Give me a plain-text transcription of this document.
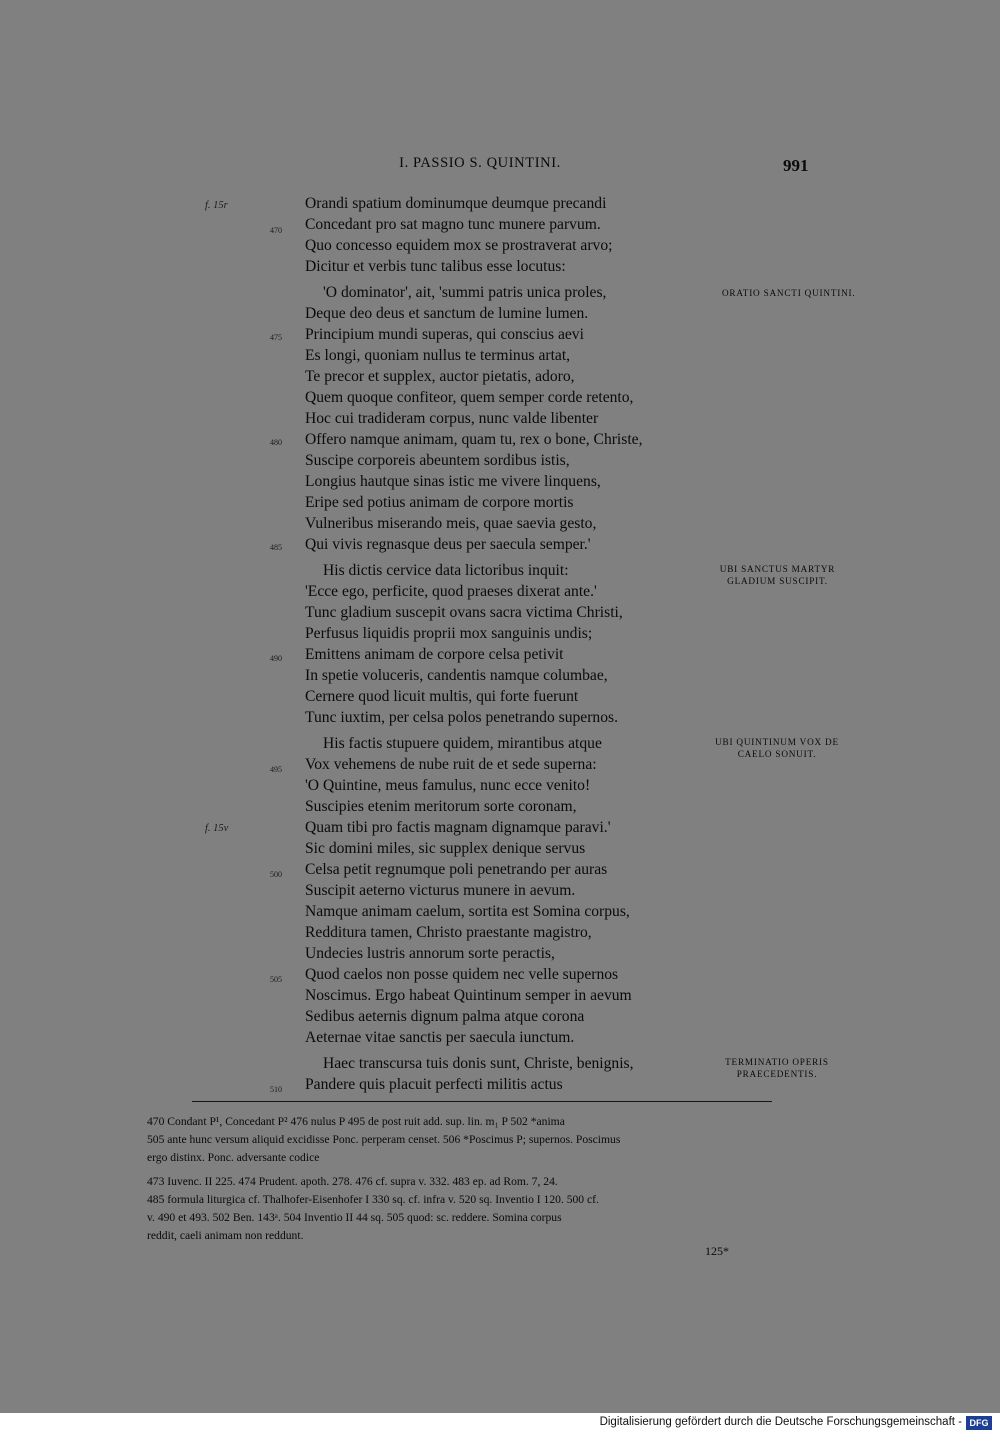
I. PASSIO S. QUINTINI.	991
f. 15r
f. 15v
470
475
480
485
490
495
500
505
510
Orandi spatium dominumque deumque precandi
Concedant pro sat magno tunc munere parvum.
Quo concesso equidem mox se prostraverat arvo;
Dicitur et verbis tunc talibus esse locutus:
'O dominator', ait, 'summi patris unica proles,
Deque deo deus et sanctum de lumine lumen.
Principium mundi superas, qui conscius aevi
Es longi, quoniam nullus te terminus artat,
Te precor et supplex, auctor pietatis, adoro,
Quem quoque confiteor, quem semper corde retento,
Hoc cui tradideram corpus, nunc valde libenter
Offero namque animam, quam tu, rex o bone, Christe,
Suscipe corporeis abeuntem sordibus istis,
Longius hautque sinas istic me vivere linquens,
Eripe sed potius animam de corpore mortis
Vulneribus miserando meis, quae saevia gesto,
Qui vivis regnasque deus per saecula semper.'
His dictis cervice data lictoribus inquit:
'Ecce ego, perficite, quod praeses dixerat ante.'
Tunc gladium suscepit ovans sacra victima Christi,
Perfusus liquidis proprii mox sanguinis undis;
Emittens animam de corpore celsa petivit
In spetie voluceris, candentis namque columbae,
Cernere quod licuit multis, qui forte fuerunt
Tunc iuxtim, per celsa polos penetrando supernos.
His factis stupuere quidem, mirantibus atque
Vox vehemens de nube ruit de et sede superna:
'O Quintine, meus famulus, nunc ecce venito!
Suscipies etenim meritorum sorte coronam,
Quam tibi pro factis magnam dignamque paravi.'
Sic domini miles, sic supplex denique servus
Celsa petit regnumque poli penetrando per auras
Suscipit aeterno victurus munere in aevum.
Namque animam caelum, sortita est Somina corpus,
Redditura tamen, Christo praestante magistro,
Undecies lustris annorum sorte peractis,
Quod caelos non posse quidem nec velle supernos
Noscimus. Ergo habeat Quintinum semper in aevum
Sedibus aeternis dignum palma atque corona
Aeternae vitae sanctis per saecula iunctum.
Haec transcursa tuis donis sunt, Christe, benignis,
Pandere quis placuit perfecti militis actus
ORATIO SANCTI QUINTINI.
UBI SANCTUS MARTYR
GLADIUM SUSCIPIT.
UBI QUINTINUM VOX DE
CAELO SONUIT.
TERMINATIO OPERIS
PRAECEDENTIS.
470 Condant P¹, Concedant P² 476 nulus P 495 de post ruit add. sup. lin. m₁ P 502 *anima
505 ante hunc versum aliquid excidisse Ponc. perperam censet. 506 *Poscimus P; supernos. Poscimus
ergo distinx. Ponc. adversante codice
473 Iuvenc. II 225. 474 Prudent. apoth. 278. 476 cf. supra v. 332. 483 ep. ad Rom. 7, 24.
485 formula liturgica cf. Thalhofer-Eisenhofer I 330 sq. cf. infra v. 520 sq. Inventio I 120. 500 cf.
v. 490 et 493. 502 Ben. 143ᵃ. 504 Inventio II 44 sq. 505 quod: sc. reddere. Somina corpus
reddit, caeli animam non reddunt.
125*
Digitalisierung gefördert durch die Deutsche Forschungsgemeinschaft - DFG
